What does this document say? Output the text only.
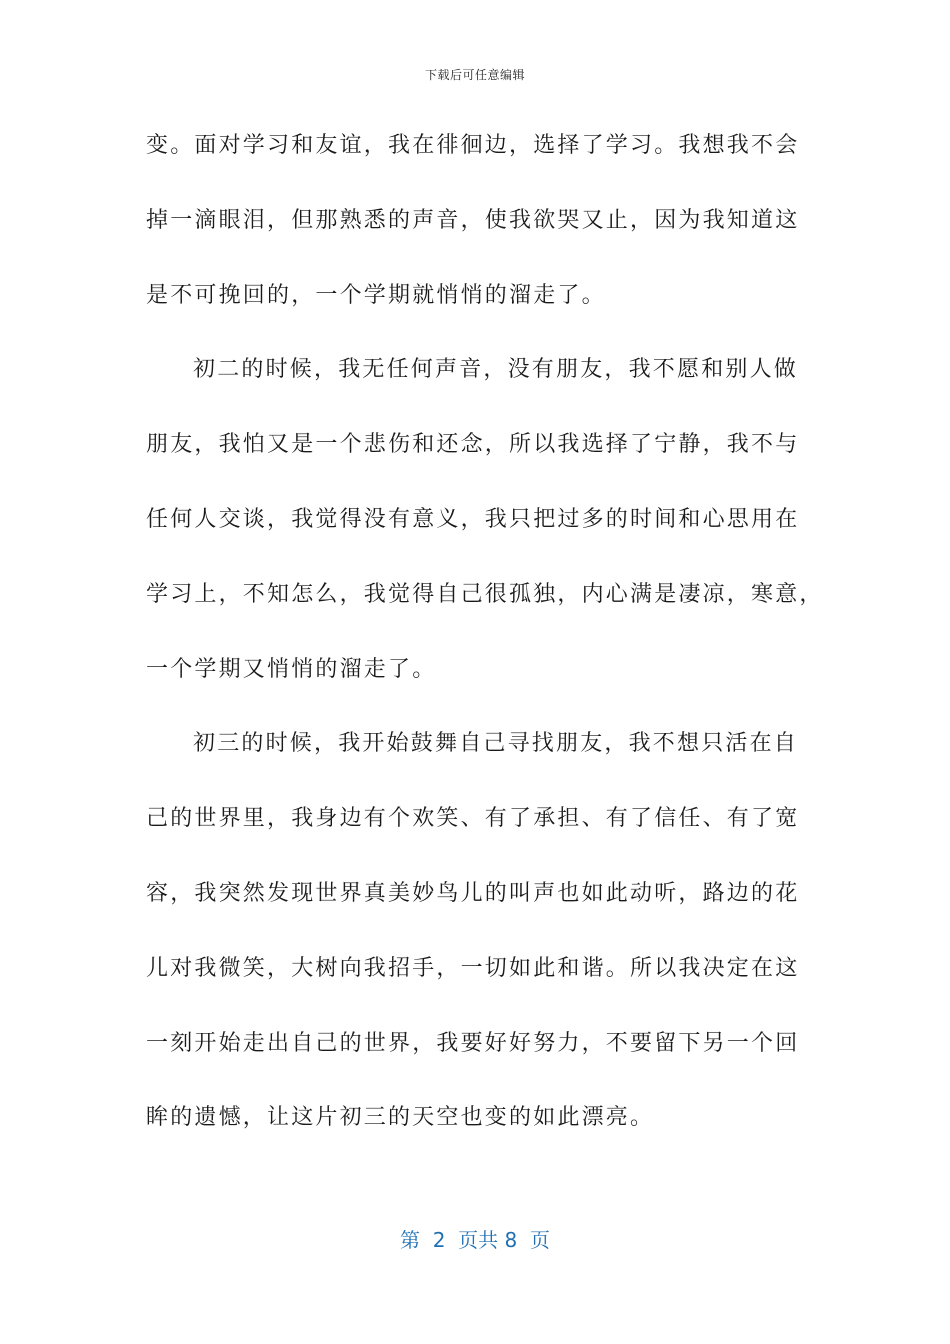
下载后可任意编辑
变。面对学习和友谊，我在徘徊边，选择了学习。我想我不会
掉一滴眼泪，但那熟悉的声音，使我欲哭又止，因为我知道这
是不可挽回的，一个学期就悄悄的溜走了。
初二的时候，我无任何声音，没有朋友，我不愿和别人做
朋友，我怕又是一个悲伤和还念，所以我选择了宁静，我不与
任何人交谈，我觉得没有意义，我只把过多的时间和心思用在
学习上，不知怎么，我觉得自己很孤独，内心满是凄凉，寒意，
一个学期又悄悄的溜走了。
初三的时候，我开始鼓舞自己寻找朋友，我不想只活在自
己的世界里，我身边有个欢笑、有了承担、有了信任、有了宽
容，我突然发现世界真美妙鸟儿的叫声也如此动听，路边的花
儿对我微笑，大树向我招手，一切如此和谐。所以我决定在这
一刻开始走出自己的世界，我要好好努力，不要留下另一个回
眸的遗憾，让这片初三的天空也变的如此漂亮。
第  2  页共 8  页
